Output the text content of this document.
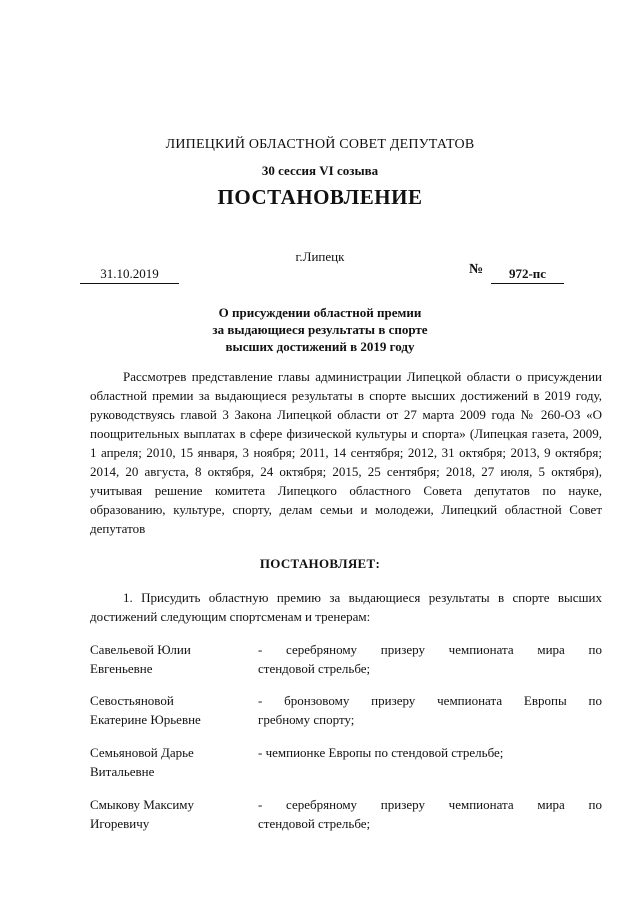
ЛИПЕЦКИЙ ОБЛАСТНОЙ СОВЕТ ДЕПУТАТОВ
30 сессия VI созыва
ПОСТАНОВЛЕНИЕ
г.Липецк
31.10.2019	№	972-пс
О присуждении областной премии
за выдающиеся результаты в спорте
высших достижений в 2019 году
Рассмотрев представление главы администрации Липецкой области о присуждении областной премии за выдающиеся результаты в спорте высших достижений в 2019 году, руководствуясь главой 3 Закона Липецкой области от 27 марта 2009 года № 260-ОЗ «О поощрительных выплатах в сфере физической культуры и спорта» (Липецкая газета, 2009, 1 апреля; 2010, 15 января, 3 ноября; 2011, 14 сентября; 2012, 31 октября; 2013, 9 октября; 2014, 20 августа, 8 октября, 24 октября; 2015, 25 сентября; 2018, 27 июля, 5 октября), учитывая решение комитета Липецкого областного Совета депутатов по науке, образованию, культуре, спорту, делам семьи и молодежи, Липецкий областной Совет депутатов
ПОСТАНОВЛЯЕТ:
1. Присудить областную премию за выдающиеся результаты в спорте высших достижений следующим спортсменам и тренерам:
Савельевой Юлии
Евгеньевне
- серебряному призеру чемпионата мира по
стендовой стрельбе;
Севостьяновой
Екатерине Юрьевне
- бронзовому призеру чемпионата Европы по
гребному спорту;
Семьяновой Дарье
Витальевне
- чемпионке Европы по стендовой стрельбе;
Смыкову Максиму
Игоревичу
- серебряному призеру чемпионата мира по
стендовой стрельбе;
